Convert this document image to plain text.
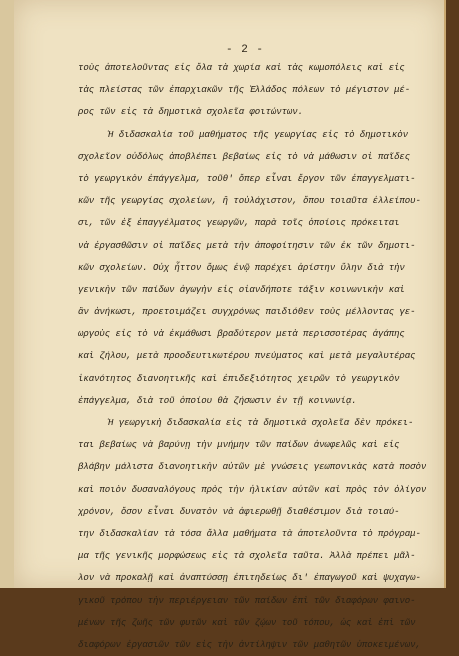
- 2 -
τοὺς ἀποτελοῦντας εἰς ὅλα τὰ χωρία καὶ τὰς κωμοπόλεις καὶ εἰς
τὰς πλείστας τῶν ἐπαρχιακῶν τῆς Ἑλλάδος πόλεων τὸ μέγιστον μέ-
ρος τῶν εἰς τὰ δημοτικὰ σχολεῖα φοιτώντων.
Ἡ διδασκαλία τοῦ μαθήματος τῆς γεωργίας εἰς τὸ δημοτικὸν
σχολεῖον οὐδόλως ἀποβλέπει βεβαίως εἰς τὸ νὰ μάθωσιν οἱ παῖδες
τὸ γεωργικὸν ἐπάγγελμα, τοῦθ' ὅπερ εἶναι ἔργον τῶν ἐπαγγελματι-
κῶν τῆς γεωργίας σχολείων, ἢ τοὐλάχιστον, ὅπου τοιαῦτα ἐλλείπου-
σι, τῶν ἐξ ἐπαγγέλματος γεωργῶν, παρὰ τοῖς ὁποίοις πρόκειται
νὰ ἐργασθῶσιν οἱ παῖδες μετὰ τὴν ἀποφοίτησιν τῶν ἐκ τῶν δημοτι-
κῶν σχολείων. Οὐχ ἧττον ὅμως ἐνῷ παρέχει ἀρίστην ὕλην διὰ τὴν
γενικὴν τῶν παίδων ἀγωγὴν εἰς οἱανδήποτε τάξιν κοινωνικὴν καὶ
ἂν ἀνήκωσι, προετοιμάζει συγχρόνως παιδιόθεν τοὺς μέλλοντας γε-
ωργοὺς εἰς τὸ νὰ ἐκμάθωσι βραδύτερον μετὰ περισσοτέρας ἀγάπης
καὶ ζήλου, μετὰ προοδευτικωτέρου πνεύματος καὶ μετὰ μεγαλυτέρας
ἱκανότητος διανοητικῆς καὶ ἐπιδεξιότητος χειρῶν τὸ γεωργικὸν
ἐπάγγελμα, διὰ τοῦ ὁποίου θὰ ζήσωσιν ἐν τῇ κοινωνίᾳ.
Ἡ γεωργικὴ διδασκαλία εἰς τὰ δημοτικὰ σχολεῖα δὲν πρόκει-
ται βεβαίως νὰ βαρύνῃ τὴν μνήμην τῶν παίδων ἀνωφελῶς καὶ εἰς
βλάβην μάλιστα διανοητικὴν αὐτῶν μὲ γνώσεις γεωπονικὰς κατὰ ποσὸν
καὶ ποιὸν δυσαναλόγους πρὸς τὴν ἡλικίαν αὐτῶν καὶ πρὸς τὸν ὀλίγον
χρόνον, ὅσον εἶναι δυνατὸν νὰ ἀφιερωθῇ διαθέσιμον διὰ τοιαύ-
την διδασκαλίαν τὰ τόσα ἄλλα μαθήματα τὰ ἀποτελοῦντα τὸ πρόγραμ-
μα τῆς γενικῆς μορφώσεως εἰς τὰ σχολεῖα ταῦτα. Ἀλλὰ πρέπει μᾶλ-
λον νὰ προκαλῇ καὶ ἀναπτύσσῃ ἐπιτηδείως δι' ἐπαγωγοῦ καὶ ψυχαγω-
γικοῦ τρόπου τὴν περιέργειαν τῶν παίδων ἐπὶ τῶν διαφόρων φαινο-
μένων τῆς ζωῆς τῶν φυτῶν καὶ τῶν ζῴων τοῦ τόπου, ὡς καὶ ἐπὶ τῶν
διαφόρων ἐργασιῶν τῶν εἰς τὴν ἀντίληψιν τῶν μαθητῶν ὑποκειμένων,
